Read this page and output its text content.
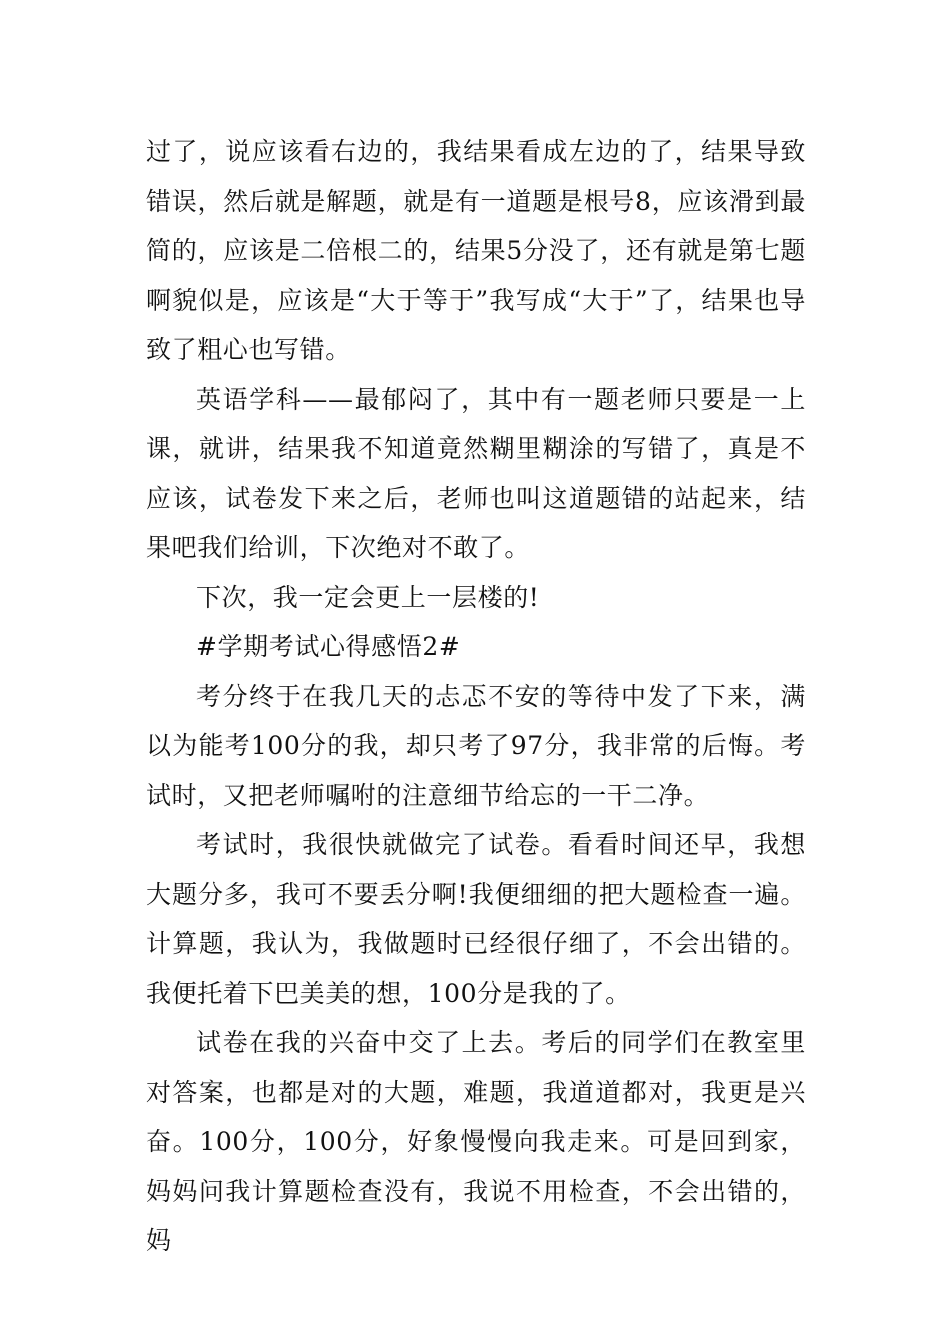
过了，说应该看右边的，我结果看成左边的了，结果导致错误，然后就是解题，就是有一道题是根号8，应该滑到最简的，应该是二倍根二的，结果5分没了，还有就是第七题啊貌似是，应该是“大于等于”我写成“大于”了，结果也导致了粗心也写错。

英语学科——最郁闷了，其中有一题老师只要是一上课，就讲，结果我不知道竟然糊里糊涂的写错了，真是不应该，试卷发下来之后，老师也叫这道题错的站起来，结果吧我们给训，下次绝对不敢了。

下次，我一定会更上一层楼的!

#学期考试心得感悟2#

考分终于在我几天的忐忑不安的等待中发了下来，满以为能考100分的我，却只考了97分，我非常的后悔。考试时，又把老师嘱咐的注意细节给忘的一干二净。

考试时，我很快就做完了试卷。看看时间还早，我想大题分多，我可不要丢分啊!我便细细的把大题检查一遍。计算题，我认为，我做题时已经很仔细了，不会出错的。我便托着下巴美美的想，100分是我的了。

试卷在我的兴奋中交了上去。考后的同学们在教室里对答案，也都是对的大题，难题，我道道都对，我更是兴奋。100分，100分，好象慢慢向我走来。可是回到家，妈妈问我计算题检查没有，我说不用检查，不会出错的，妈
